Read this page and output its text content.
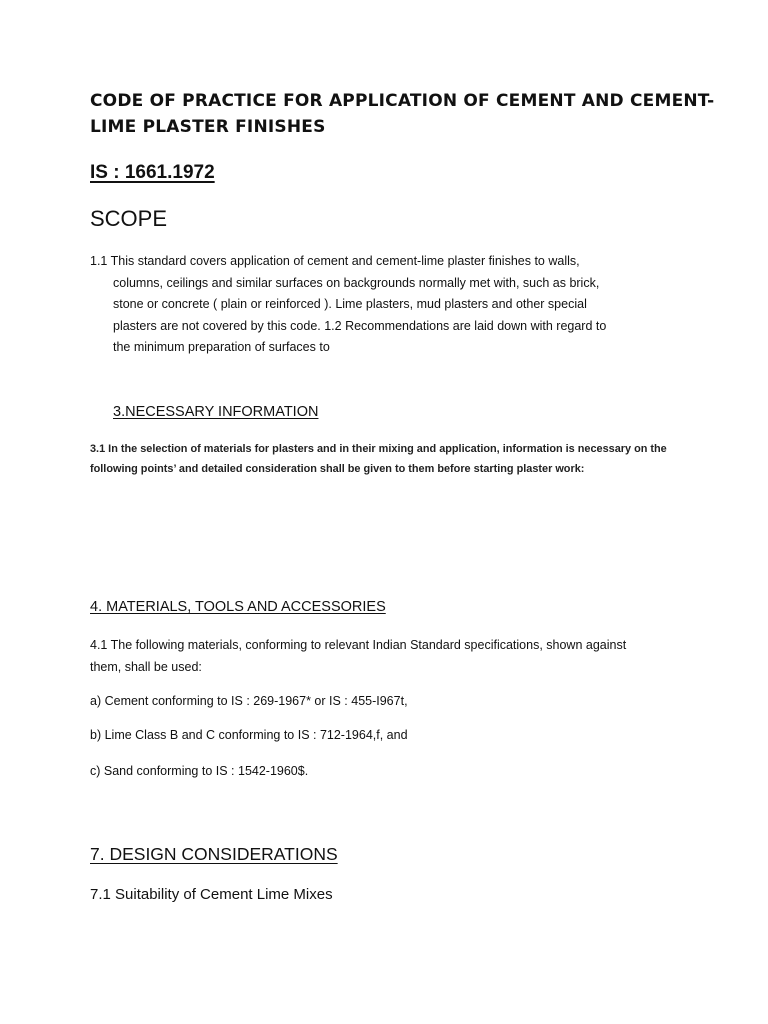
CODE OF PRACTICE FOR APPLICATION OF CEMENT AND CEMENT-LIME PLASTER FINISHES
IS : 1661.1972
SCOPE
1.1 This standard covers application of cement and cement-lime plaster finishes to walls,
columns, ceilings and similar surfaces on backgrounds normally met with, such as brick,
stone or concrete ( plain or reinforced ). Lime plasters, mud plasters and other special
plasters are not covered by this code. 1.2 Recommendations are laid down with regard to
the minimum preparation of surfaces to
3.NECESSARY INFORMATION

3.1 In the selection of materials for plasters and in their mixing and application, information is necessary on the following points’ and detailed consideration shall be given to them before starting plaster work:

4. MATERIALS, TOOLS AND ACCESSORIES

4.1 The following materials, conforming to relevant Indian Standard specifications, shown against them, shall be used:

a) Cement conforming to IS : 269-1967* or IS : 455-I967t,

b) Lime Class B and C conforming to IS : 712-1964,f, and

c) Sand conforming to IS : 1542-1960$.

7. DESIGN CONSIDERATIONS
7.1 Suitability of Cement Lime Mixes
